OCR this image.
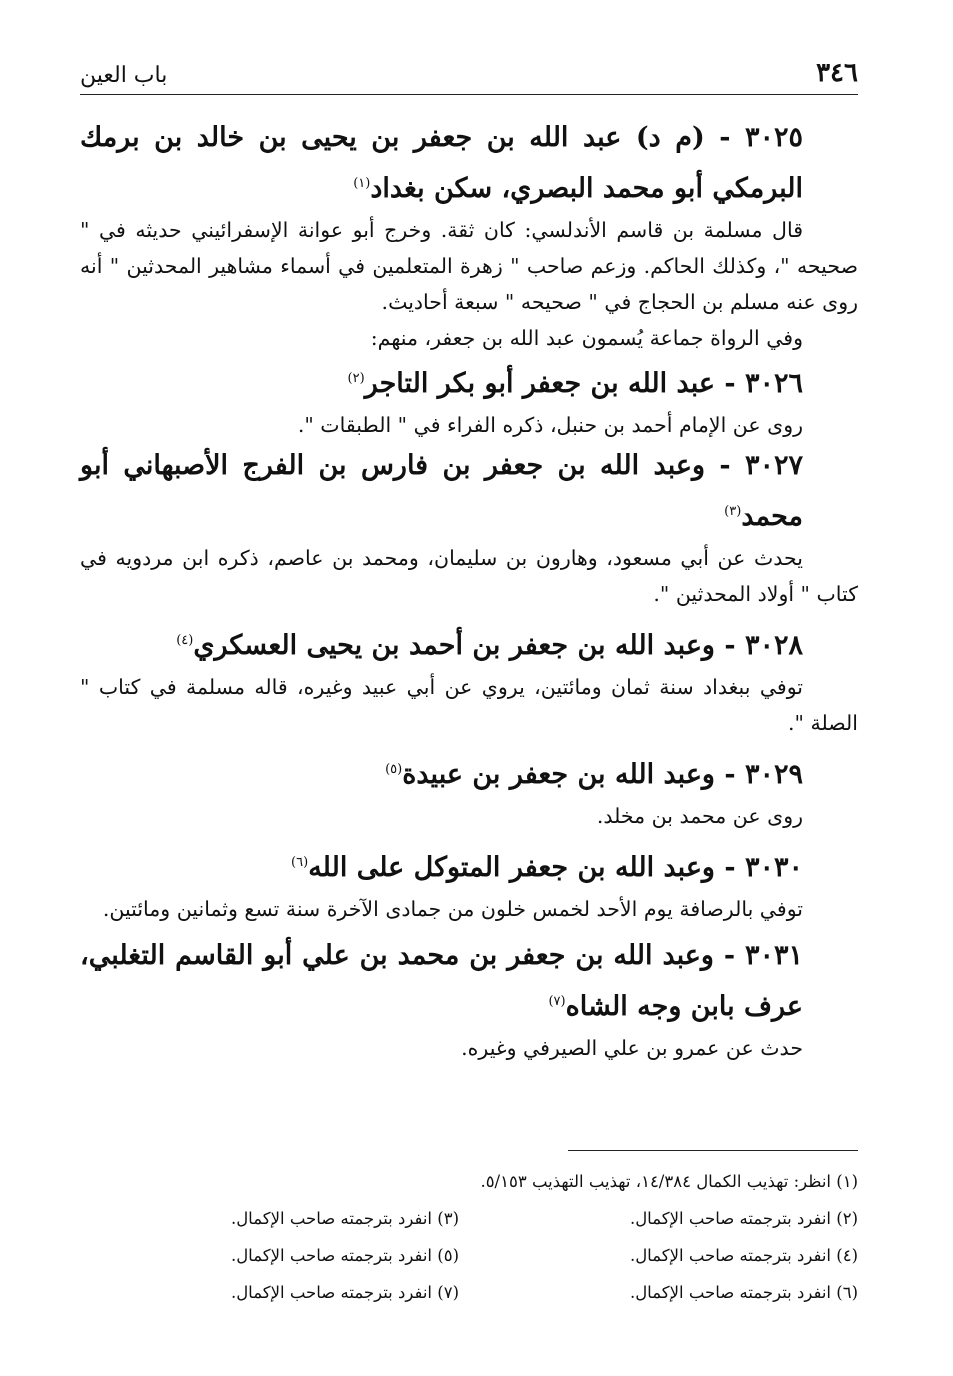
باب العين	٣٤٦

٣٠٢٥ - (م د) عبد الله بن جعفر بن يحيى بن خالد بن برمك البرمكي أبو محمد البصري، سكن بغداد$^{(١)}$

قال مسلمة بن قاسم الأندلسي: كان ثقة. وخرج أبو عوانة الإسفرائيني حديثه في " صحيحه "، وكذلك الحاكم. وزعم صاحب " زهرة المتعلمين في أسماء مشاهير المحدثين " أنه روى عنه مسلم بن الحجاج في " صحيحه " سبعة أحاديث.

وفي الرواة جماعة يُسمون عبد الله بن جعفر، منهم:

٣٠٢٦ - عبد الله بن جعفر أبو بكر التاجر$^{(٢)}$

روى عن الإمام أحمد بن حنبل، ذكره الفراء في " الطبقات ".

٣٠٢٧ - وعبد الله بن جعفر بن فارس بن الفرج الأصبهاني أبو محمد$^{(٣)}$

يحدث عن أبي مسعود، وهارون بن سليمان، ومحمد بن عاصم، ذكره ابن مردويه في كتاب " أولاد المحدثين ".

٣٠٢٨ - وعبد الله بن جعفر بن أحمد بن يحيى العسكري$^{(٤)}$

توفي ببغداد سنة ثمان ومائتين، يروي عن أبي عبيد وغيره، قاله مسلمة في كتاب " الصلة ".

٣٠٢٩ - وعبد الله بن جعفر بن عبيدة$^{(٥)}$

روى عن محمد بن مخلد.

٣٠٣٠ - وعبد الله بن جعفر المتوكل على الله$^{(٦)}$

توفي بالرصافة يوم الأحد لخمس خلون من جمادى الآخرة سنة تسع وثمانين ومائتين.

٣٠٣١ - وعبد الله بن جعفر بن محمد بن علي أبو القاسم التغلبي، عرف بابن وجه الشاه$^{(٧)}$

حدث عن عمرو بن علي الصيرفي وغيره.

(١) انظر: تهذيب الكمال ١٤/٣٨٤، تهذيب التهذيب ٥/١٥٣.
(٢) انفرد بترجمته صاحب الإكمال.
(٣) انفرد بترجمته صاحب الإكمال.
(٤) انفرد بترجمته صاحب الإكمال.
(٥) انفرد بترجمته صاحب الإكمال.
(٦) انفرد بترجمته صاحب الإكمال.
(٧) انفرد بترجمته صاحب الإكمال.
